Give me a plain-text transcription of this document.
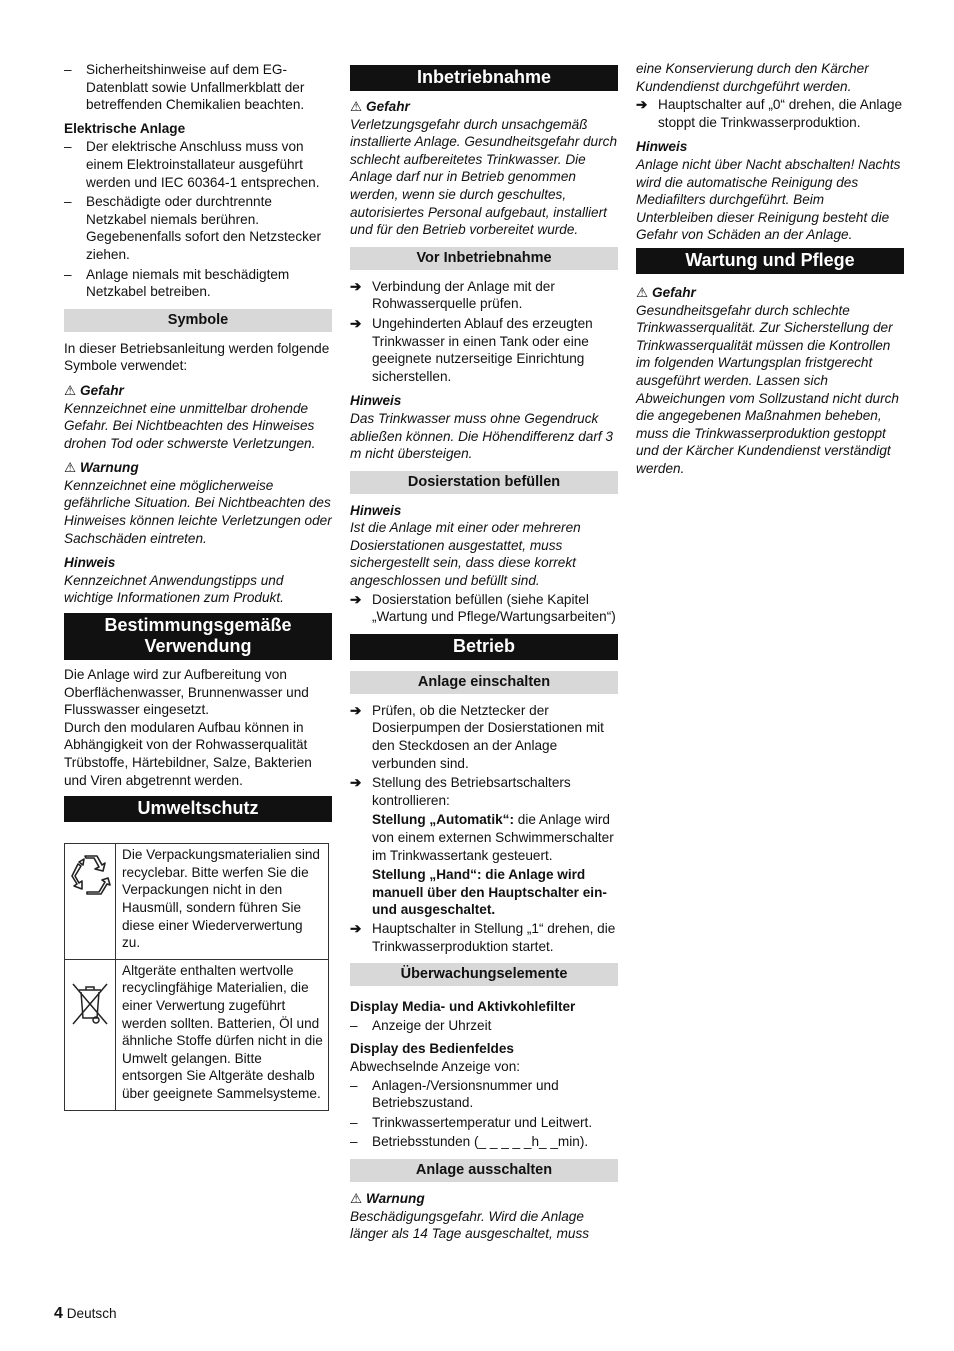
–	Sicherheitshinweise auf dem EG-Datenblatt sowie Unfallmerkblatt der betreffenden Chemikalien beachten.

Elektrische Anlage

–	Der elektrische Anschluss muss von einem Elektroinstallateur ausgeführt werden und IEC 60364-1 entsprechen.
–	Beschädigte oder durchtrennte Netzkabel niemals berühren. Gegebenenfalls sofort den Netzstecker ziehen.
–	Anlage niemals mit beschädigtem Netzkabel betreiben.
Symbole

In dieser Betriebsanleitung werden folgende Symbole verwendet:

⚠ Gefahr

Kennzeichnet eine unmittelbar drohende Gefahr. Bei Nichtbeachten des Hinweises drohen Tod oder schwerste Verletzungen.

⚠ Warnung

Kennzeichnet eine möglicherweise gefährliche Situation. Bei Nichtbeachten des Hinweises können leichte Verletzungen oder Sachschäden eintreten.

Hinweis

Kennzeichnet Anwendungstipps und wichtige Informationen zum Produkt.

Bestimmungsgemäße Verwendung

Die Anlage wird zur Aufbereitung von Oberflächenwasser, Brunnenwasser und Flusswasser eingesetzt.

Durch den modularen Aufbau können in Abhängigkeit von der Rohwasserqualität Trübstoffe, Härtebildner, Salze, Bakterien und Viren abgetrennt werden.

Umweltschutz
	Die Verpackungsmaterialien sind recyclebar. Bitte werfen Sie die Verpackungen nicht in den Hausmüll, sondern führen Sie diese einer Wiederverwertung zu.
	Altgeräte enthalten wertvolle recyclingfähige Materialien, die einer Verwertung zugeführt werden sollten. Batterien, Öl und ähnliche Stoffe dürfen nicht in die Umwelt gelangen. Bitte entsorgen Sie Altgeräte deshalb über geeignete Sammelsysteme.
Inbetriebnahme

⚠ Gefahr

Verletzungsgefahr durch unsachgemäß installierte Anlage. Gesundheitsgefahr durch schlecht aufbereitetes Trinkwasser. Die Anlage darf nur in Betrieb genommen werden, wenn sie durch geschultes, autorisiertes Personal aufgebaut, installiert und für den Betrieb vorbereitet wurde.

Vor Inbetriebnahme
➔ Verbindung der Anlage mit der Rohwasserquelle prüfen.
➔ Ungehinderten Ablauf des erzeugten Trinkwasser in einen Tank oder eine geeignete nutzerseitige Einrichtung sicherstellen.

Hinweis

Das Trinkwasser muss ohne Gegendruck abließen können. Die Höhendifferenz darf 3 m nicht übersteigen.

Dosierstation befüllen

Hinweis

Ist die Anlage mit einer oder mehreren Dosierstationen ausgestattet, muss sichergestellt sein, dass diese korrekt angeschlossen und befüllt sind.

➔ Dosierstation befüllen (siehe Kapitel „Wartung und Pflege/Wartungsarbeiten“)
Betrieb
Anlage einschalten
➔ Prüfen, ob die Netztecker der Dosierpumpen der Dosierstationen mit den Steckdosen an der Anlage verbunden sind.
➔ Stellung des Betriebsartschalters kontrollieren:

Stellung „Automatik“: die Anlage wird von einem externen Schwimmerschalter im Trinkwassertank gesteuert.

Stellung „Hand“: die Anlage wird manuell über den Hauptschalter ein- und ausgeschaltet.

➔ Hauptschalter in Stellung „1“ drehen, die Trinkwasserproduktion startet.
Überwachungselemente

Display Media- und Aktivkohlefilter

–	Anzeige der Uhrzeit

Display des Bedienfeldes

Abwechselnde Anzeige von:

–	Anlagen-/Versionsnummer und Betriebszustand.
–	Trinkwassertemperatur und Leitwert.
–	Betriebsstunden (_ _ _ _ _h_ _min).
Anlage ausschalten

⚠ Warnung

Beschädigungsgefahr. Wird die Anlage länger als 14 Tage ausgeschaltet, muss

eine Konservierung durch den Kärcher Kundendienst durchgeführt werden.

➔ Hauptschalter auf „0“ drehen, die Anlage stoppt die Trinkwasserproduktion.

Hinweis

Anlage nicht über Nacht abschalten! Nachts wird die automatische Reinigung des Mediafilters durchgeführt. Beim Unterbleiben dieser Reinigung besteht die Gefahr von Schäden an der Anlage.

Wartung und Pflege

⚠ Gefahr

Gesundheitsgefahr durch schlechte Trinkwasserqualität. Zur Sicherstellung der Trinkwasserqualität müssen die Kontrollen im folgenden Wartungsplan fristgerecht ausgeführt werden. Lassen sich Abweichungen vom Sollzustand nicht durch die angegebenen Maßnahmen beheben, muss die Trinkwasserproduktion gestoppt und der Kärcher Kundendienst verständigt werden.

4 Deutsch
